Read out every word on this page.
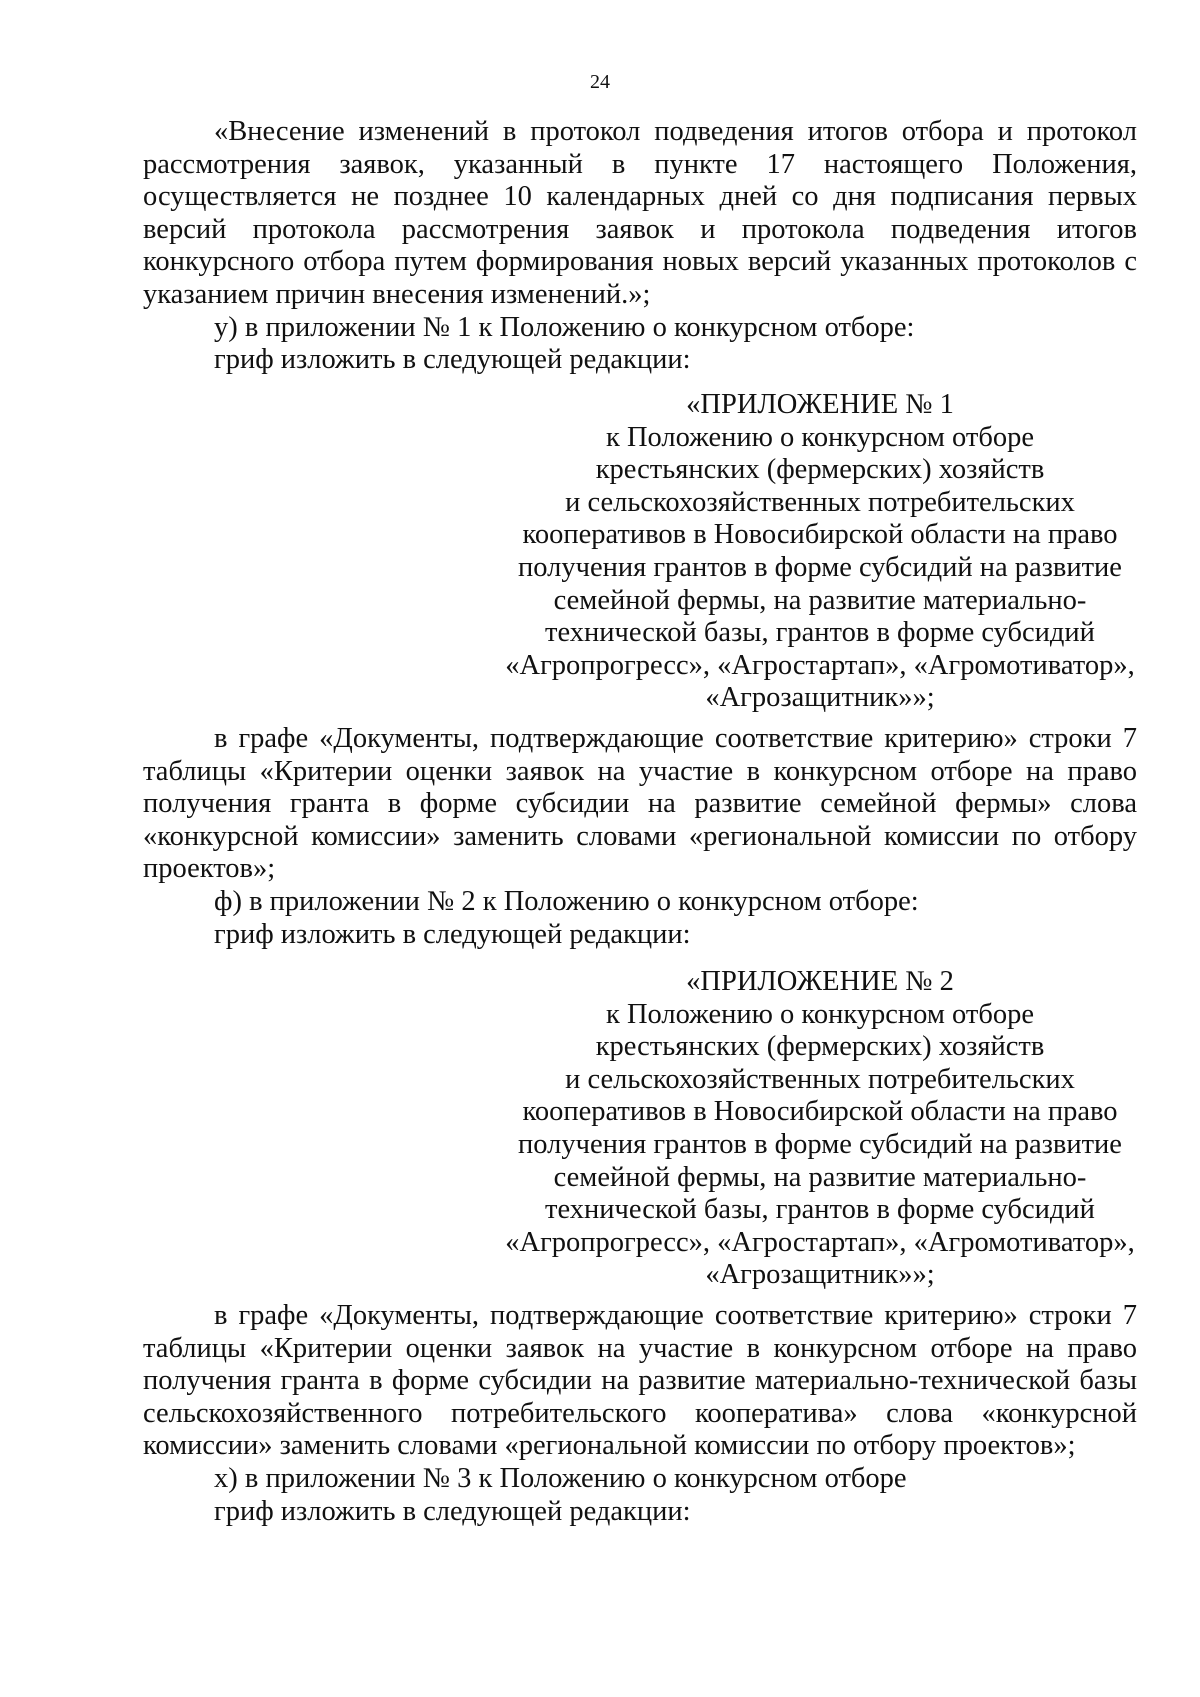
24

«Внесение изменений в протокол подведения итогов отбора и протокол рассмотрения заявок, указанный в пункте 17 настоящего Положения, осуществляется не позднее 10 календарных дней со дня подписания первых версий протокола рассмотрения заявок и протокола подведения итогов конкурсного отбора путем формирования новых версий указанных протоколов с указанием причин внесения изменений.»;

у) в приложении № 1 к Положению о конкурсном отборе:

гриф изложить в следующей редакции:

«ПРИЛОЖЕНИЕ № 1
к Положению о конкурсном отборе
крестьянских (фермерских) хозяйств
и сельскохозяйственных потребительских
кооперативов в Новосибирской области на право
получения грантов в форме субсидий на развитие
семейной фермы, на развитие материально-
технической базы, грантов в форме субсидий
«Агропрогресс», «Агростартап», «Агромотиватор»,
«Агрозащитник»»;

в графе «Документы, подтверждающие соответствие критерию» строки 7 таблицы «Критерии оценки заявок на участие в конкурсном отборе на право получения гранта в форме субсидии на развитие семейной фермы» слова «конкурсной комиссии» заменить словами «региональной комиссии по отбору проектов»;

ф) в приложении № 2 к Положению о конкурсном отборе:

гриф изложить в следующей редакции:

«ПРИЛОЖЕНИЕ № 2
к Положению о конкурсном отборе
крестьянских (фермерских) хозяйств
и сельскохозяйственных потребительских
кооперативов в Новосибирской области на право
получения грантов в форме субсидий на развитие
семейной фермы, на развитие материально-
технической базы, грантов в форме субсидий
«Агропрогресс», «Агростартап», «Агромотиватор»,
«Агрозащитник»»;

в графе «Документы, подтверждающие соответствие критерию» строки 7 таблицы «Критерии оценки заявок на участие в конкурсном отборе на право получения гранта в форме субсидии на развитие материально-технической базы сельскохозяйственного потребительского кооператива» слова «конкурсной комиссии» заменить словами «региональной комиссии по отбору проектов»;

х) в приложении № 3 к Положению о конкурсном отборе

гриф изложить в следующей редакции:
